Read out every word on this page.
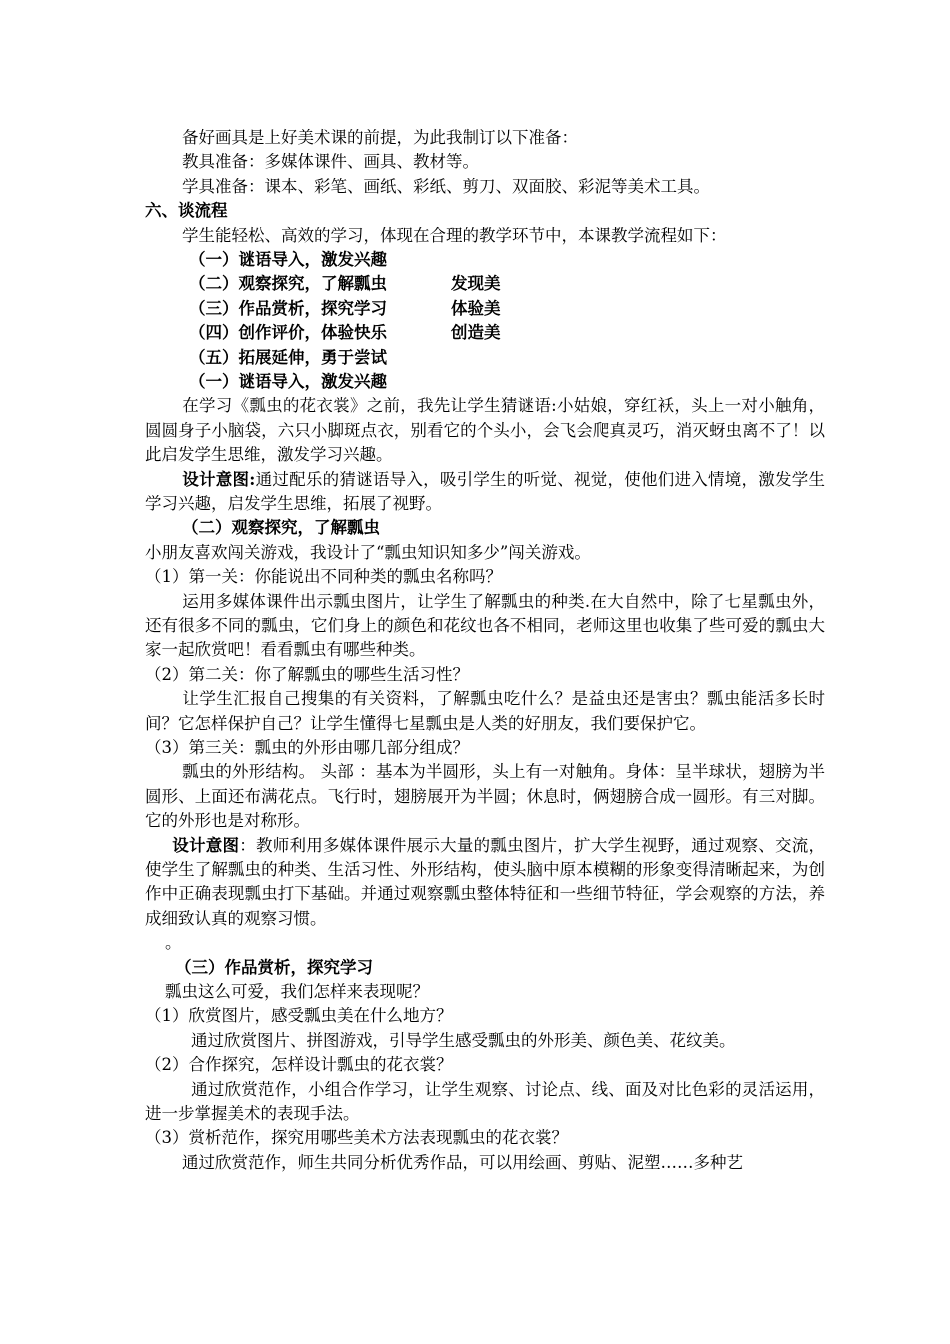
备好画具是上好美术课的前提，为此我制订以下准备：
教具准备：多媒体课件、画具、教材等。
学具准备：课本、彩笔、画纸、彩纸、剪刀、双面胶、彩泥等美术工具。
六、谈流程
学生能轻松、高效的学习，体现在合理的教学环节中，本课教学流程如下：
（一）谜语导入，激发兴趣
（二）观察探究，了解瓢虫	发现美
（三）作品赏析，探究学习	体验美
（四）创作评价，体验快乐	创造美
（五）拓展延伸，勇于尝试
（一）谜语导入，激发兴趣
在学习《瓢虫的花衣裳》之前，我先让学生猜谜语:小姑娘，穿红袄，头上一对小触角，圆圆身子小脑袋，六只小脚斑点衣，别看它的个头小，会飞会爬真灵巧，消灭蚜虫离不了！以此启发学生思维，激发学习兴趣。
设计意图:通过配乐的猜谜语导入，吸引学生的听觉、视觉，使他们进入情境，激发学生学习兴趣，启发学生思维，拓展了视野。
（二）观察探究，了解瓢虫
小朋友喜欢闯关游戏，我设计了“瓢虫知识知多少”闯关游戏。
（1）第一关：你能说出不同种类的瓢虫名称吗？
运用多媒体课件出示瓢虫图片，让学生了解瓢虫的种类.在大自然中，除了七星瓢虫外，还有很多不同的瓢虫，它们身上的颜色和花纹也各不相同，老师这里也收集了些可爱的瓢虫大家一起欣赏吧！看看瓢虫有哪些种类。
（2）第二关：你了解瓢虫的哪些生活习性？
让学生汇报自己搜集的有关资料，了解瓢虫吃什么？是益虫还是害虫？瓢虫能活多长时间？它怎样保护自己？让学生懂得七星瓢虫是人类的好朋友，我们要保护它。
（3）第三关：瓢虫的外形由哪几部分组成？
瓢虫的外形结构。 头部 ：基本为半圆形，头上有一对触角。身体：呈半球状，翅膀为半圆形、上面还布满花点。飞行时，翅膀展开为半圆；休息时，俩翅膀合成一圆形。有三对脚。它的外形也是对称形。
设计意图：教师利用多媒体课件展示大量的瓢虫图片，扩大学生视野，通过观察、交流，使学生了解瓢虫的种类、生活习性、外形结构，使头脑中原本模糊的形象变得清晰起来，为创作中正确表现瓢虫打下基础。并通过观察瓢虫整体特征和一些细节特征，学会观察的方法，养成细致认真的观察习惯。
。
（三）作品赏析，探究学习
瓢虫这么可爱，我们怎样来表现呢？
（1）欣赏图片，感受瓢虫美在什么地方？
通过欣赏图片、拼图游戏，引导学生感受瓢虫的外形美、颜色美、花纹美。
（2）合作探究，怎样设计瓢虫的花衣裳？
通过欣赏范作，小组合作学习，让学生观察、讨论点、线、面及对比色彩的灵活运用，进一步掌握美术的表现手法。
（3）赏析范作，探究用哪些美术方法表现瓢虫的花衣裳？
通过欣赏范作，师生共同分析优秀作品，可以用绘画、剪贴、泥塑……多种艺
